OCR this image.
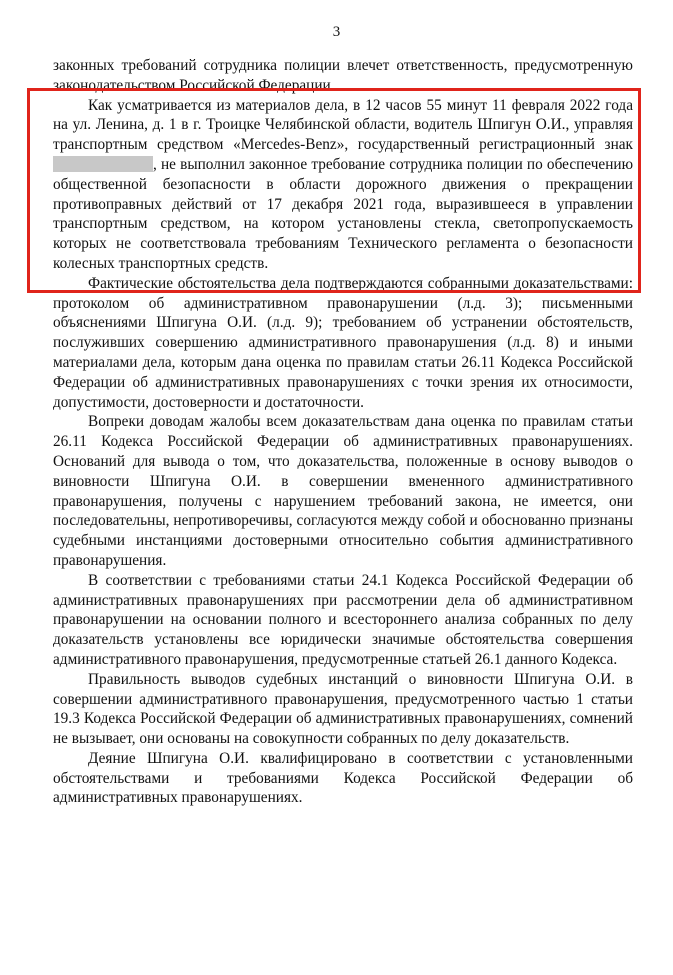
3

законных требований сотрудника полиции влечет ответственность, предусмотренную законодательством Российской Федерации.

Как усматривается из материалов дела, в 12 часов 55 минут 11 февраля 2022 года на ул. Ленина, д. 1 в г. Троицке Челябинской области, водитель Шпигун О.И., управляя транспортным средством «Mercedes-Benz», государственный регистрационный знак , не выполнил законное требование сотрудника полиции по обеспечению общественной безопасности в области дорожного движения о прекращении противоправных действий от 17 декабря 2021 года, выразившееся в управлении транспортным средством, на котором установлены стекла, светопропускаемость которых не соответствовала требованиям Технического регламента о безопасности колесных транспортных средств.

Фактические обстоятельства дела подтверждаются собранными доказательствами: протоколом об административном правонарушении (л.д. 3); письменными объяснениями Шпигуна О.И. (л.д. 9); требованием об устранении обстоятельств, послуживших совершению административного правонарушения (л.д. 8) и иными материалами дела, которым дана оценка по правилам статьи 26.11 Кодекса Российской Федерации об административных правонарушениях с точки зрения их относимости, допустимости, достоверности и достаточности.

Вопреки доводам жалобы всем доказательствам дана оценка по правилам статьи 26.11 Кодекса Российской Федерации об административных правонарушениях. Оснований для вывода о том, что доказательства, положенные в основу выводов о виновности Шпигуна О.И. в совершении вмененного административного правонарушения, получены с нарушением требований закона, не имеется, они последовательны, непротиворечивы, согласуются между собой и обоснованно признаны судебными инстанциями достоверными относительно события административного правонарушения.

В соответствии с требованиями статьи 24.1 Кодекса Российской Федерации об административных правонарушениях при рассмотрении дела об административном правонарушении на основании полного и всестороннего анализа собранных по делу доказательств установлены все юридически значимые обстоятельства совершения административного правонарушения, предусмотренные статьей 26.1 данного Кодекса.

Правильность выводов судебных инстанций о виновности Шпигуна О.И. в совершении административного правонарушения, предусмотренного частью 1 статьи 19.3 Кодекса Российской Федерации об административных правонарушениях, сомнений не вызывает, они основаны на совокупности собранных по делу доказательств.

Деяние Шпигуна О.И. квалифицировано в соответствии с установленными обстоятельствами и требованиями Кодекса Российской Федерации об административных правонарушениях.
